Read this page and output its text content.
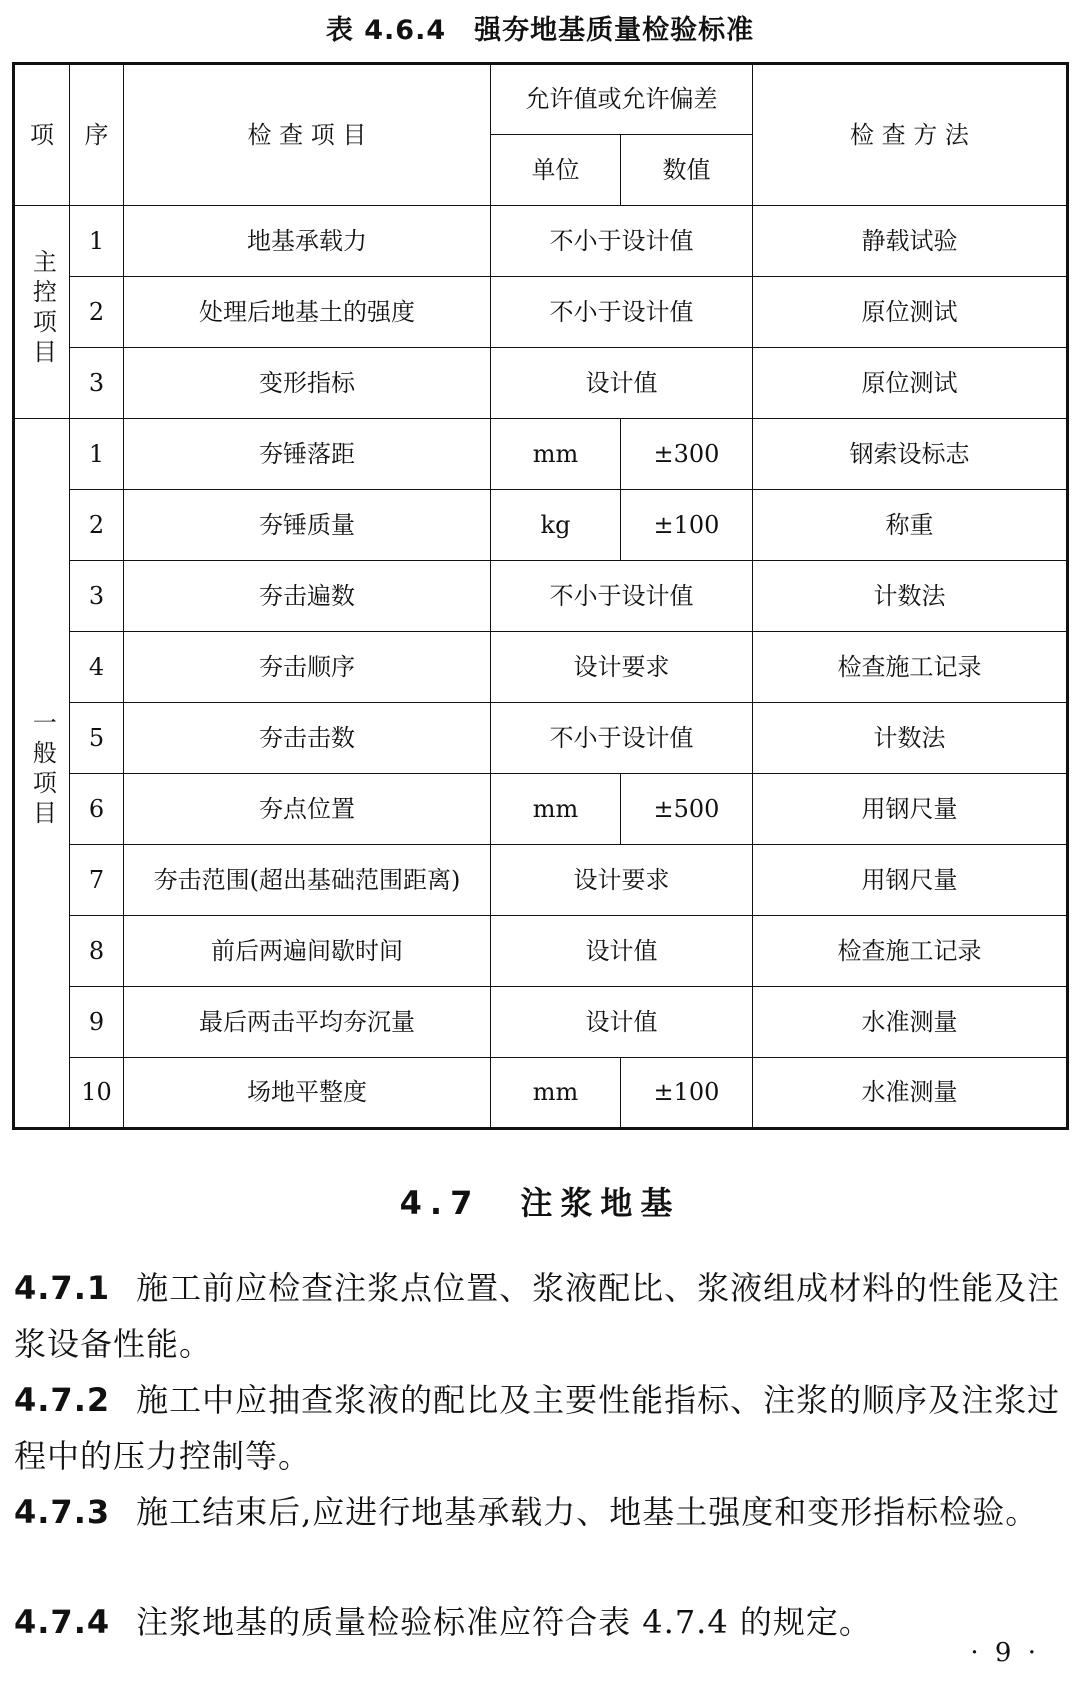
表 4.6.4　强夯地基质量检验标准
项	序	检 查 项 目	允许值或允许偏差		检 查 方 法
			单位	数值	
主控项目	1	地基承载力	不小于设计值		静载试验
	2	处理后地基土的强度	不小于设计值		原位测试
	3	变形指标	设计值		原位测试
一般项目	1	夯锤落距	mm	±300	钢索设标志
	2	夯锤质量	kg	±100	称重
	3	夯击遍数	不小于设计值		计数法
	4	夯击顺序	设计要求		检查施工记录
	5	夯击击数	不小于设计值		计数法
	6	夯点位置	mm	±500	用钢尺量
	7	夯击范围(超出基础范围距离)	设计要求		用钢尺量
	8	前后两遍间歇时间	设计值		检查施工记录
	9	最后两击平均夯沉量	设计值		水准测量
	10	场地平整度	mm	±100	水准测量
4.7　注浆地基
4.7.1 施工前应检查注浆点位置、浆液配比、浆液组成材料的性能及注浆设备性能。
4.7.2 施工中应抽查浆液的配比及主要性能指标、注浆的顺序及注浆过程中的压力控制等。
4.7.3 施工结束后,应进行地基承载力、地基土强度和变形指标检验。
4.7.4 注浆地基的质量检验标准应符合表 4.7.4 的规定。
· 9 ·
